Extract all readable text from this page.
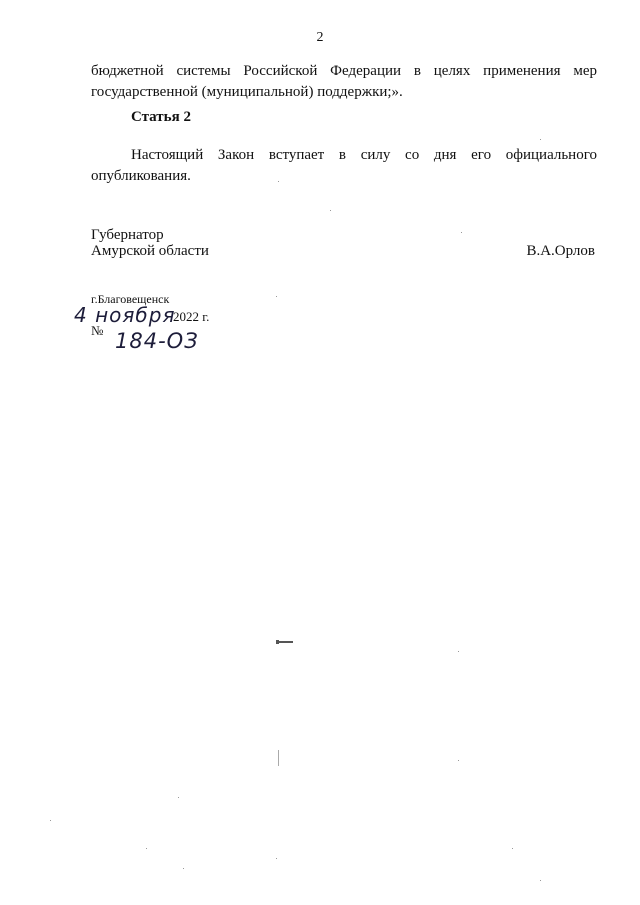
2
бюджетной системы Российской Федерации в целях применения мер
государственной (муниципальной) поддержки;».
Статья 2
Настоящий Закон вступает в силу со дня его официального
опубликования.
Губернатор
Амурской области	В.А.Орлов
г.Благовещенск
4 ноября
2022 г.
№ 184-ОЗ
